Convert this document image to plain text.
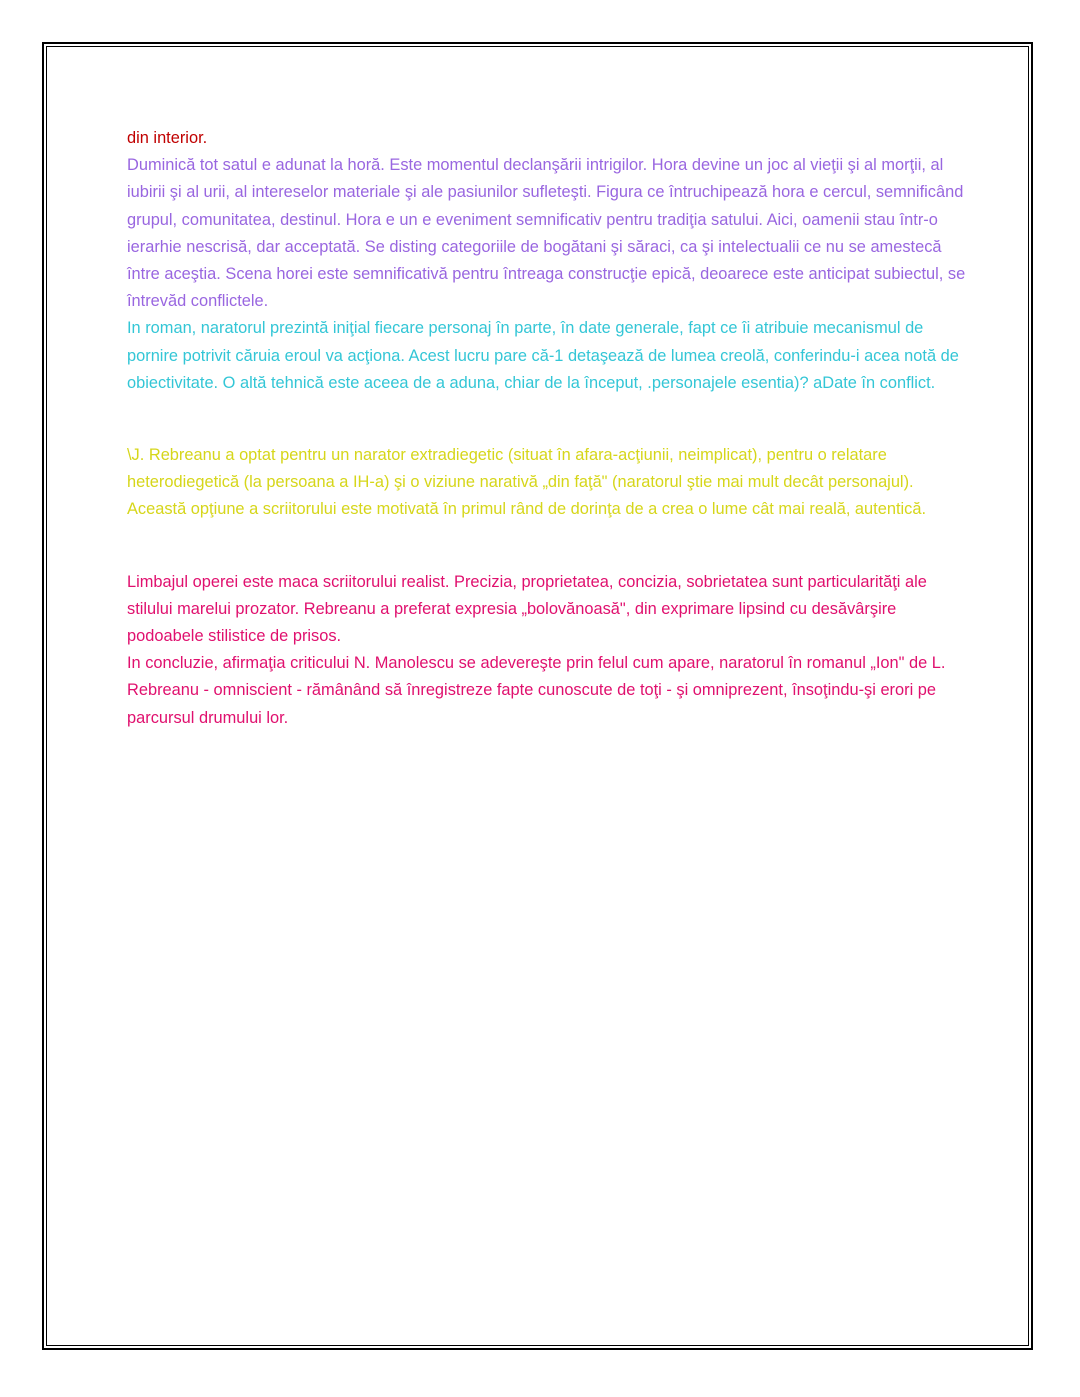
din interior.

Duminică tot satul e adunat la horă. Este momentul declanşării intrigilor. Hora devine un joc al vieţii şi al morţii, al iubirii şi al urii, al intereselor materiale şi ale pasiunilor sufleteşti. Figura ce întruchipează hora e cercul, semnificând grupul, comunitatea, destinul. Hora e un e eveniment semnificativ pentru tradiţia satului. Aici, oamenii stau într-o ierarhie nescrisă, dar acceptată. Se disting categoriile de bogătani şi săraci, ca şi intelectualii ce nu se amestecă între aceştia. Scena horei este semnificativă pentru întreaga construcţie epică, deoarece este anticipat subiectul, se întrevăd conflictele.

In roman, naratorul prezintă iniţial fiecare personaj în parte, în date generale, fapt ce îi atribuie mecanismul de pornire potrivit căruia eroul va acţiona. Acest lucru pare că-1 detaşează de lumea creolă, conferindu-i acea notă de obiectivitate. O altă tehnică este aceea de a aduna, chiar de la început, .personajele esentia)? aDate în conflict.

\J. Rebreanu a optat pentru un narator extradiegetic (situat în afara-acţiunii, neimplicat), pentru o relatare heterodiegetică (la persoana a IH-a) şi o viziune narativă „din faţă" (naratorul ştie mai mult decât personajul). Această opţiune a scriitorului este motivată în primul rând de dorinţa de a crea o lume cât mai reală, autentică.

Limbajul operei este maca scriitorului realist. Precizia, proprietatea, concizia, sobrietatea sunt particularităţi ale stilului marelui prozator. Rebreanu a preferat expresia „bolovănoasă", din exprimare lipsind cu desăvârşire podoabele stilistice de prisos.

In concluzie, afirmaţia criticului N. Manolescu se adevereşte prin felul cum apare, naratorul în romanul „Ion" de L. Rebreanu - omniscient - rămânând să înregistreze fapte cunoscute de toţi - şi omniprezent, însoţindu-şi erori pe parcursul drumului lor.
